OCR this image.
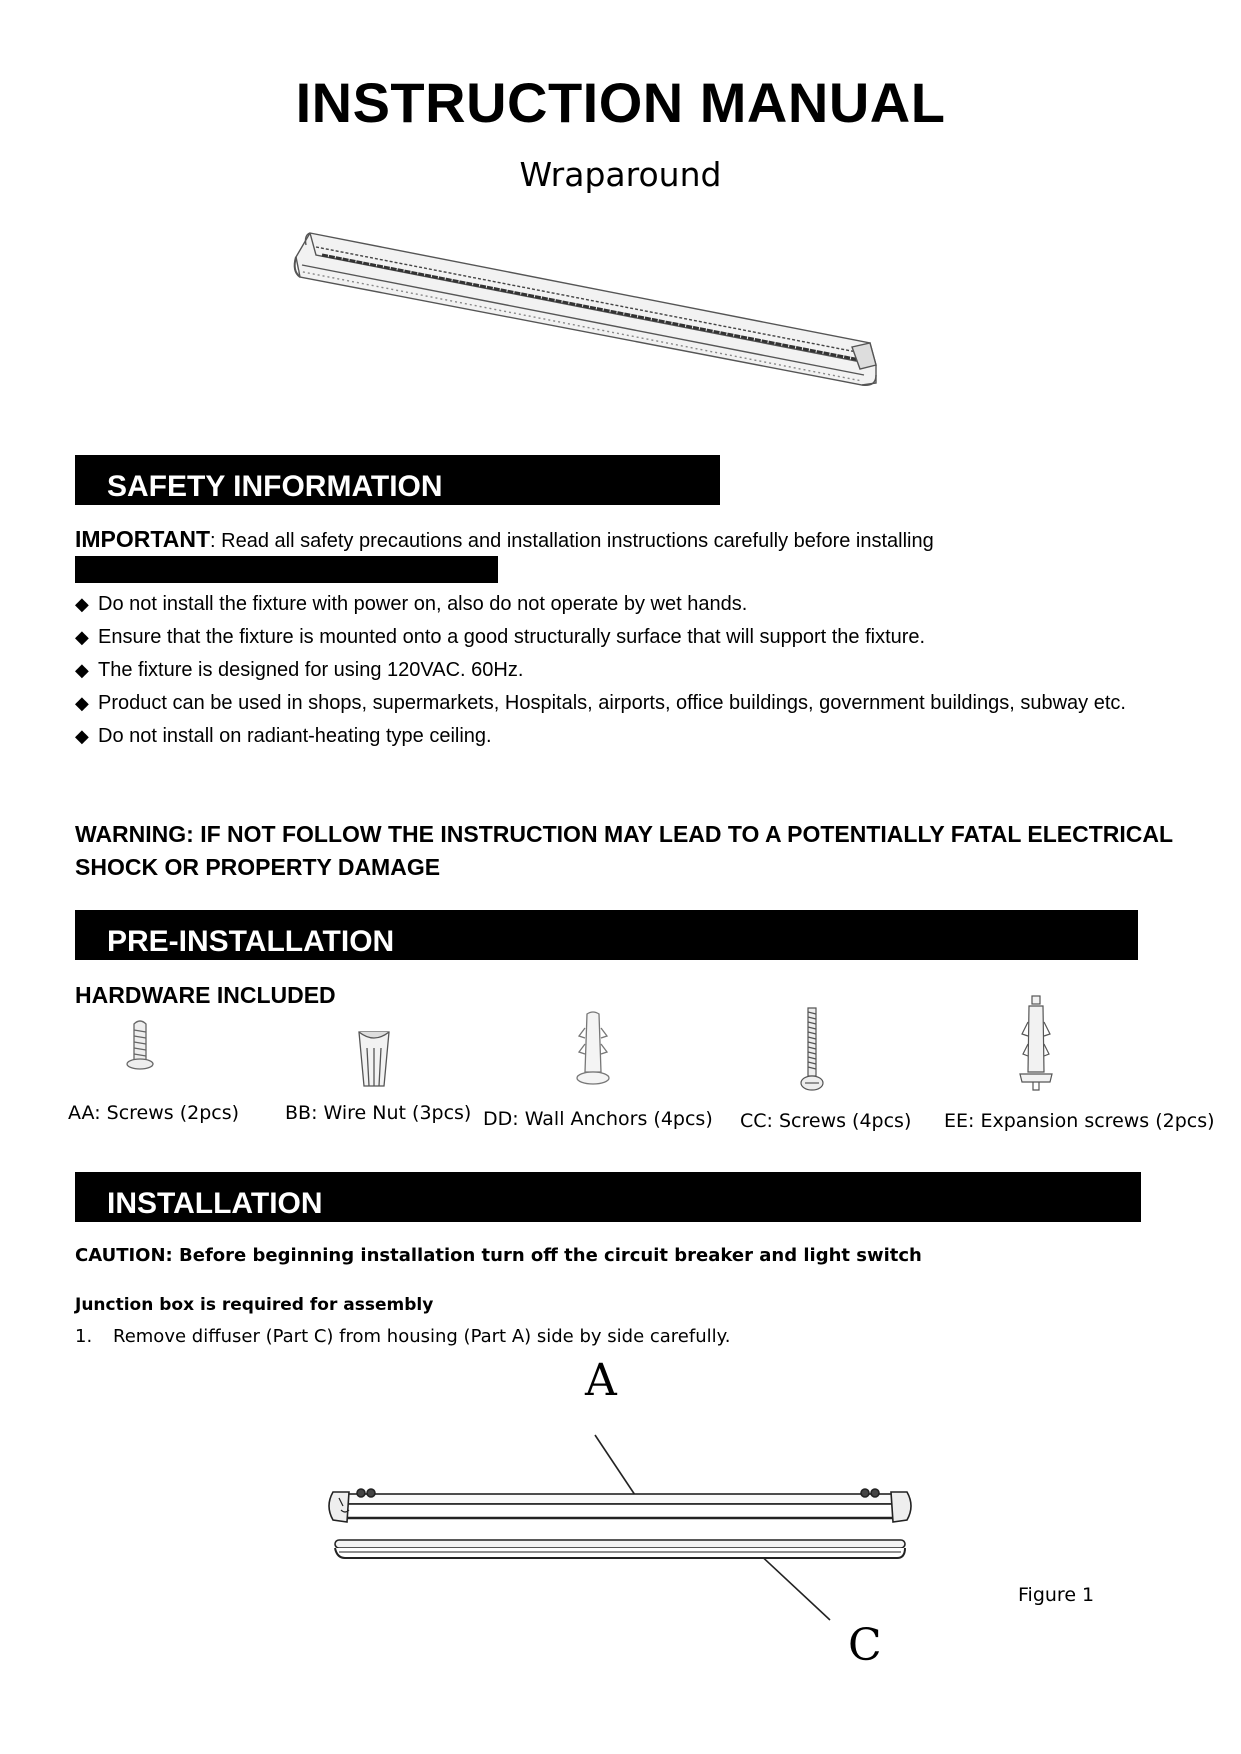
INSTRUCTION MANUAL
Wraparound
SAFETY INFORMATION
IMPORTANT: Read all safety precautions and installation instructions carefully before installing
◆ Do not install the fixture with power on, also do not operate by wet hands.
◆ Ensure that the fixture is mounted onto a good structurally surface that will support the fixture.
◆ The fixture is designed for using 120VAC. 60Hz.
◆ Product can be used in shops, supermarkets, Hospitals, airports, office buildings, government buildings, subway etc.
◆ Do not install on radiant-heating type ceiling.
WARNING: IF NOT FOLLOW THE INSTRUCTION MAY LEAD TO A POTENTIALLY FATAL ELECTRICAL SHOCK OR PROPERTY DAMAGE
PRE-INSTALLATION
HARDWARE INCLUDED
AA: Screws (2pcs) BB: Wire Nut (3pcs) DD: Wall Anchors (4pcs) CC: Screws (4pcs) EE: Expansion screws (2pcs)
INSTALLATION
CAUTION: Before beginning installation turn off the circuit breaker and light switch
Junction box is required for assembly
1. Remove diffuser (Part C) from housing (Part A) side by side carefully.
A
C
Figure 1
